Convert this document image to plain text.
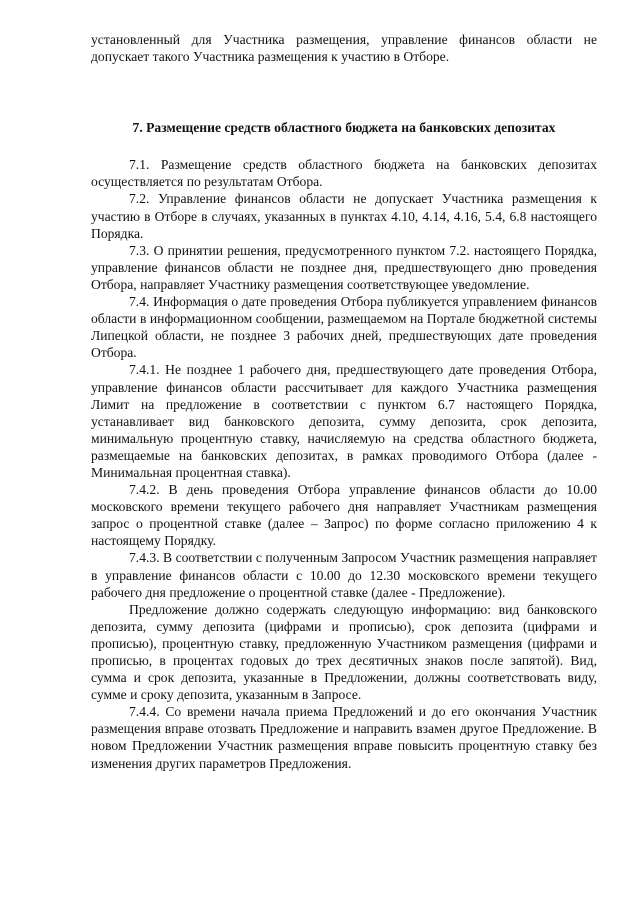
установленный для Участника размещения, управление финансов области не допускает такого Участника размещения к участию в Отборе.

7. Размещение средств областного бюджета на банковских депозитах

7.1. Размещение средств областного бюджета на банковских депозитах осуществляется по результатам Отбора.

7.2. Управление финансов области не допускает Участника размещения к участию в Отборе в случаях, указанных в пунктах 4.10, 4.14, 4.16, 5.4, 6.8 настоящего Порядка.

7.3. О принятии решения, предусмотренного пунктом 7.2. настоящего Порядка, управление финансов области не позднее дня, предшествующего дню проведения Отбора, направляет Участнику размещения соответствующее уведомление.

7.4. Информация о дате проведения Отбора публикуется управлением финансов области в информационном сообщении, размещаемом на Портале бюджетной системы Липецкой области, не позднее 3 рабочих дней, предшествующих дате проведения Отбора.

7.4.1. Не позднее 1 рабочего дня, предшествующего дате проведения Отбора, управление финансов области рассчитывает для каждого Участника размещения Лимит на предложение в соответствии с пунктом 6.7 настоящего Порядка, устанавливает вид банковского депозита, сумму депозита, срок депозита, минимальную процентную ставку, начисляемую на средства областного бюджета, размещаемые на банковских депозитах, в рамках проводимого Отбора (далее - Минимальная процентная ставка).

7.4.2. В день проведения Отбора управление финансов области до 10.00 московского времени текущего рабочего дня направляет Участникам размещения запрос о процентной ставке (далее – Запрос) по форме согласно приложению 4 к настоящему Порядку.

7.4.3. В соответствии с полученным Запросом Участник размещения направляет в управление финансов области с 10.00 до 12.30 московского времени текущего рабочего дня предложение о процентной ставке (далее - Предложение).

Предложение должно содержать следующую информацию: вид банковского депозита, сумму депозита (цифрами и прописью), срок депозита (цифрами и прописью), процентную ставку, предложенную Участником размещения (цифрами и прописью, в процентах годовых до трех десятичных знаков после запятой). Вид, сумма и срок депозита, указанные в Предложении, должны соответствовать виду, сумме и сроку депозита, указанным в Запросе.

7.4.4. Со времени начала приема Предложений и до его окончания Участник размещения вправе отозвать Предложение и направить взамен другое Предложение. В новом Предложении Участник размещения вправе повысить процентную ставку без изменения других параметров Предложения.
